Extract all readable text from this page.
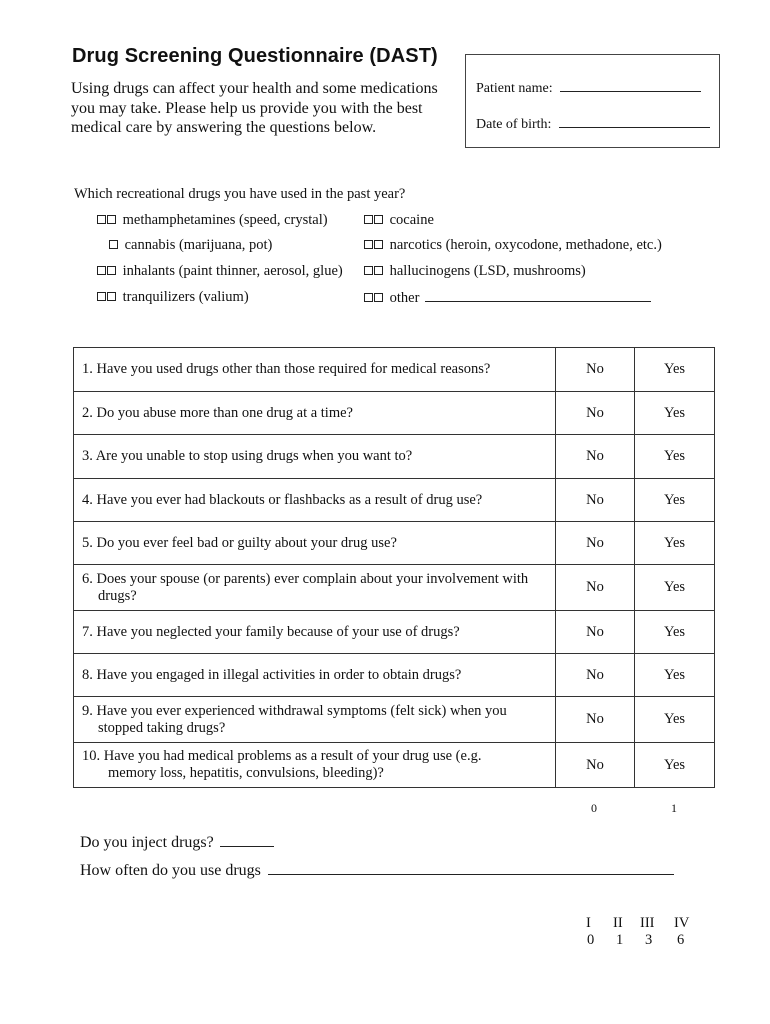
Drug Screening Questionnaire (DAST)
Using drugs can affect your health and some medications you may take. Please help us provide you with the best medical care by answering the questions below.
Patient name:
Date of birth:
Which recreational drugs you have used in the past year?
methamphetamines (speed, crystal)	cocaine
cannabis (marijuana, pot)	narcotics (heroin, oxycodone, methadone, etc.)
inhalants (paint thinner, aerosol, glue)	hallucinogens (LSD, mushrooms)
tranquilizers (valium)	other
1. Have you used drugs other than those required for medical reasons?	No	Yes
2. Do you abuse more than one drug at a time?	No	Yes
3. Are you unable to stop using drugs when you want to?	No	Yes
4. Have you ever had blackouts or flashbacks as a result of drug use?	No	Yes
5. Do you ever feel bad or guilty about your drug use?	No	Yes
6. Does your spouse (or parents) ever complain about your involvement with
drugs?	No	Yes
7. Have you neglected your family because of your use of drugs?	No	Yes
8. Have you engaged in illegal activities in order to obtain drugs?	No	Yes
9. Have you ever experienced withdrawal symptoms (felt sick) when you
stopped taking drugs?	No	Yes
10. Have you had medical problems as a result of your drug use (e.g.
memory loss, hepatitis, convulsions, bleeding)?	No	Yes
0	1
Do you inject drugs?
How often do you use drugs
I II III IV
0 1 3 6
